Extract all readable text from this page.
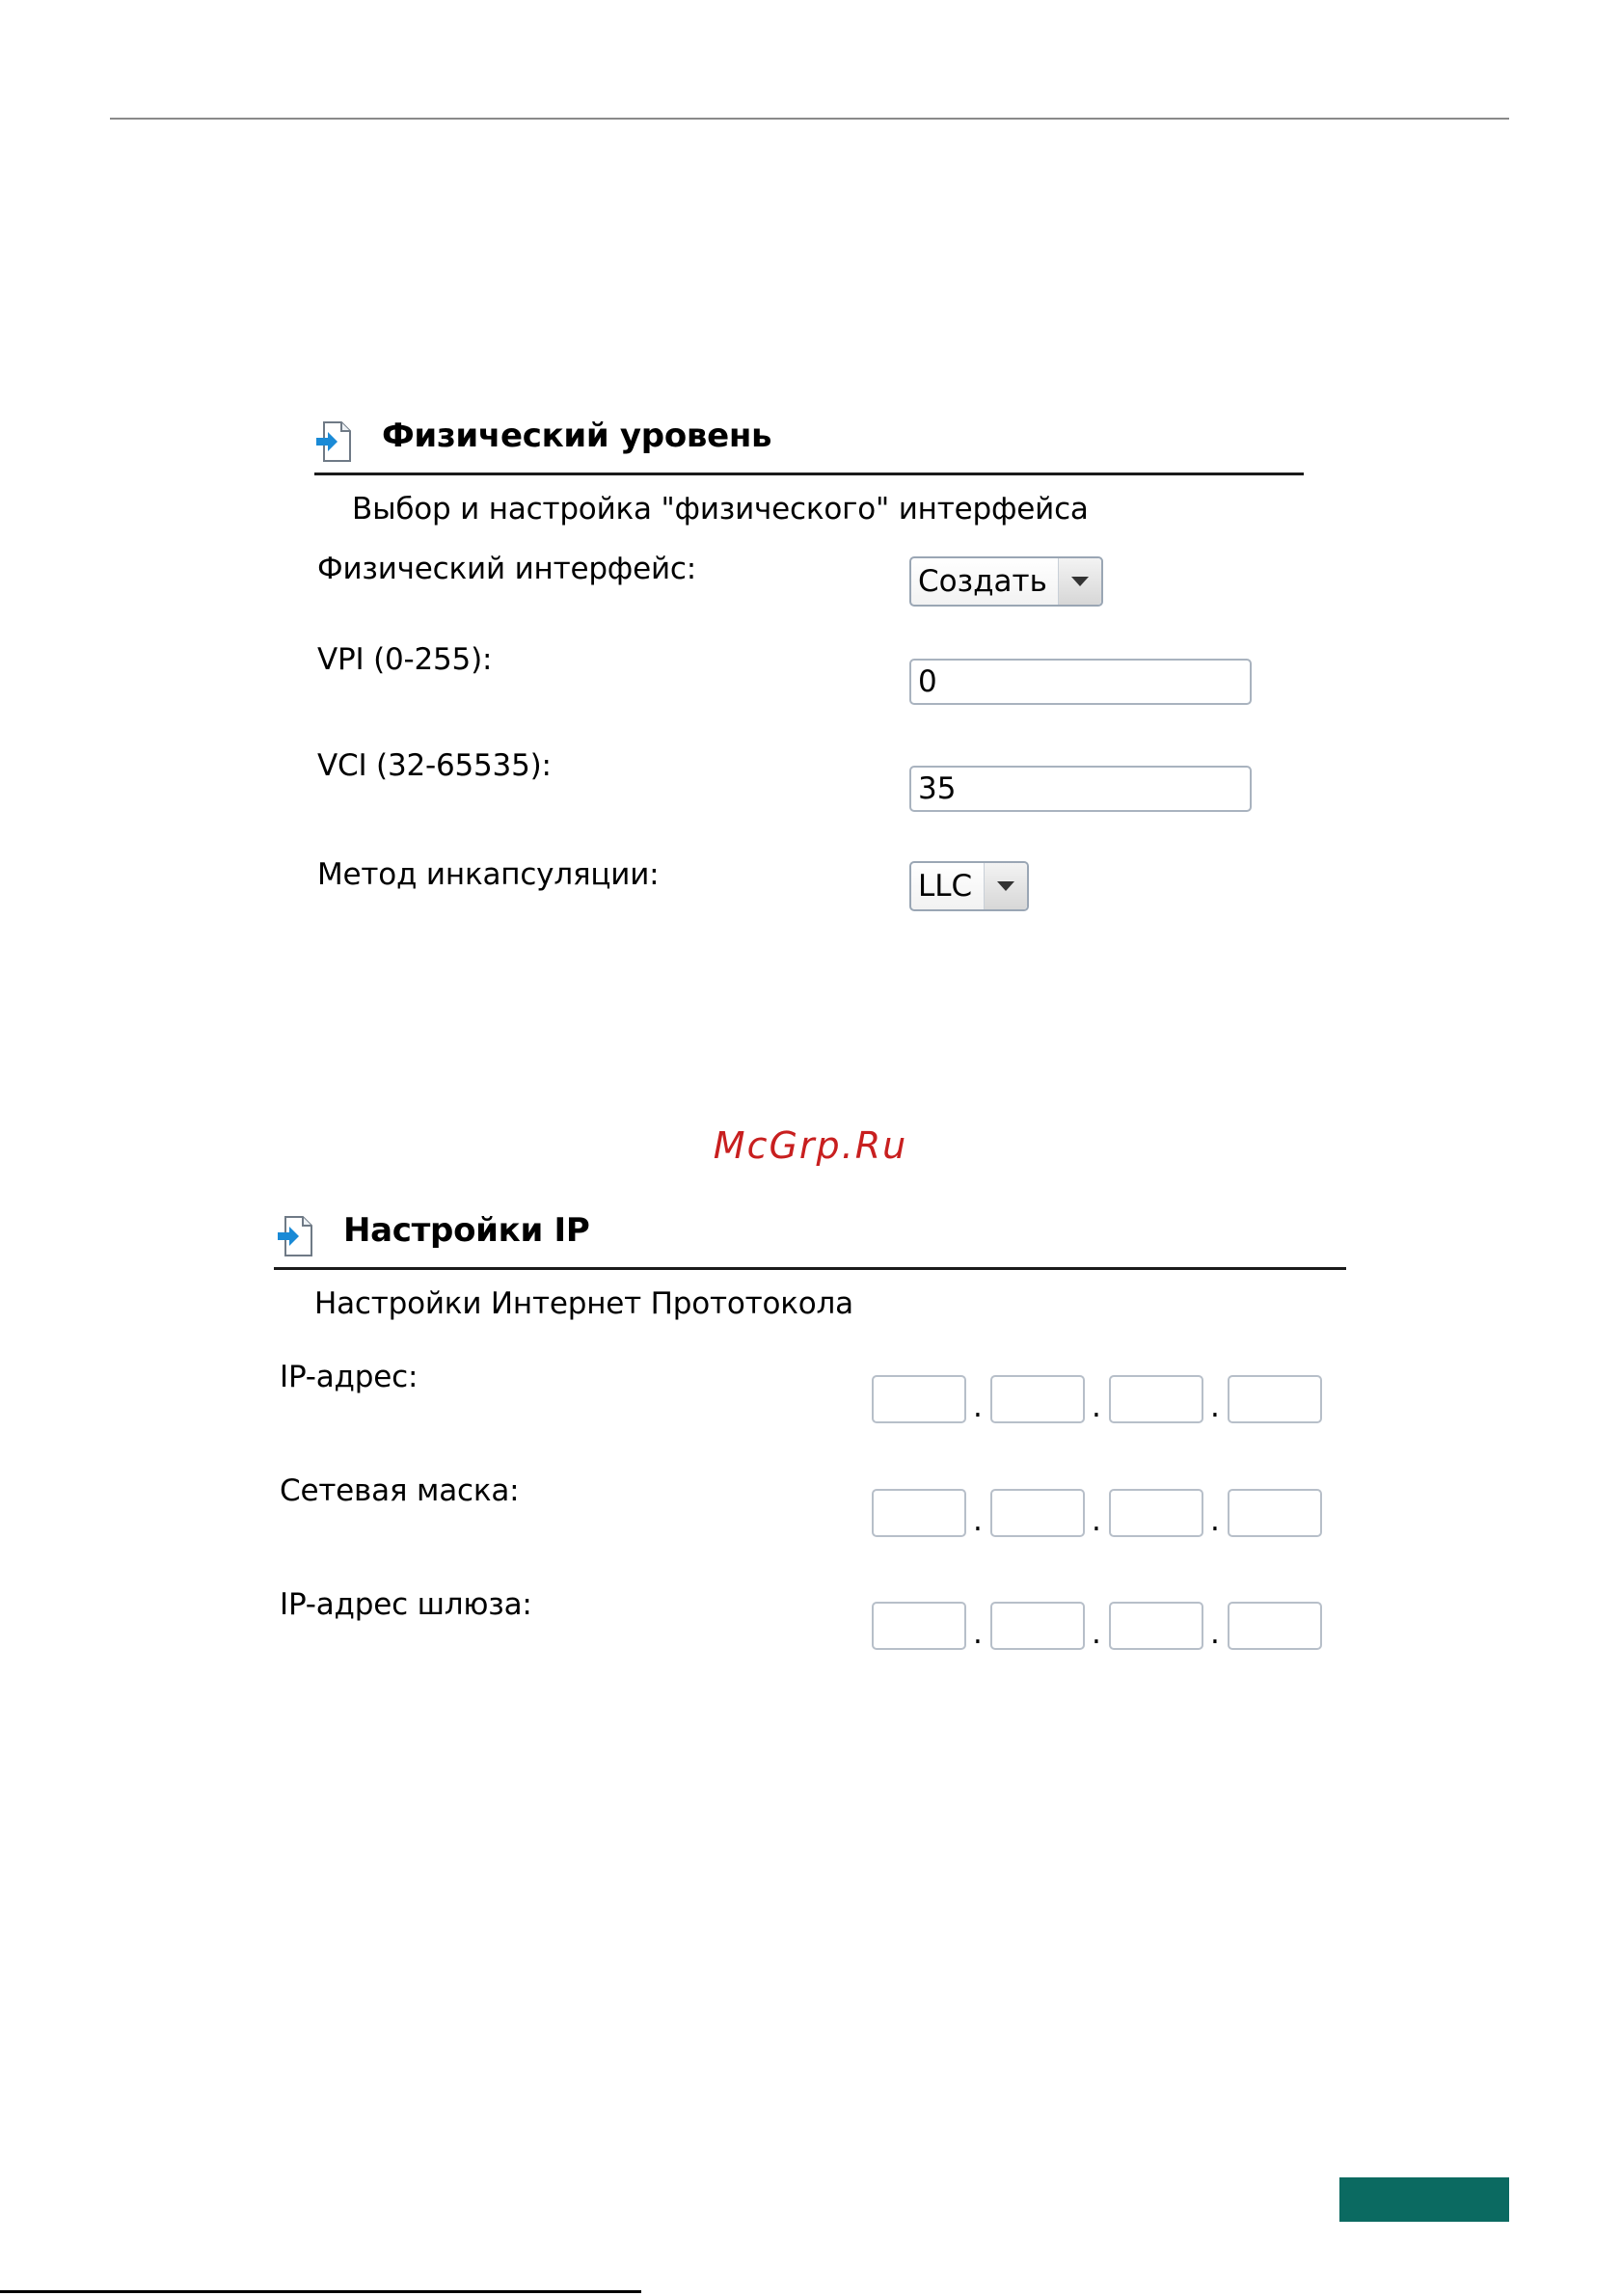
Физический уровень
Выбор и настройка "физического" интерфейса
Физический интерфейс:	Создать
VPI (0-255):
0
VCI (32-65535):
35
Метод инкапсуляции:	LLC
McGrp.Ru
Настройки IP
Настройки Интернет Прототокола
IP-адрес:
.	.	.
Сетевая маска:
.	.	.
IP-адрес шлюза:
.	.	.
